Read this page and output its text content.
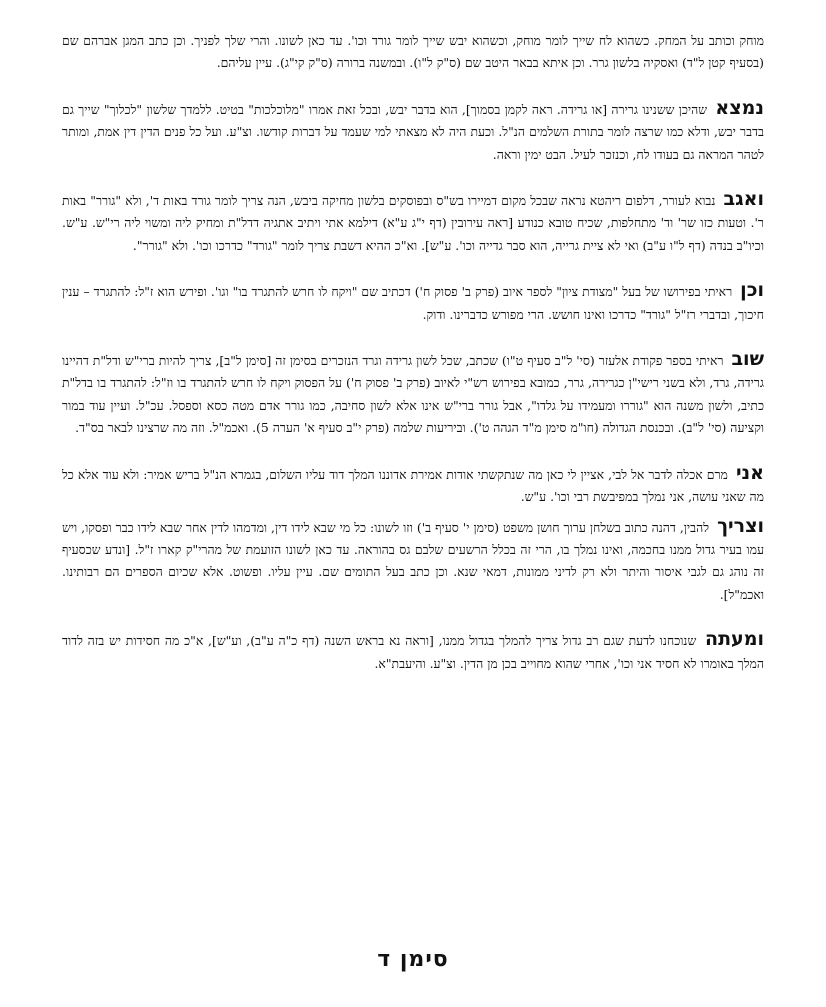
מוחק וכותב על המחק. כשהוא לח שייך לומר מוחק, וכשהוא יבש שייך לומר גורד וכו'. עד כאן לשונו. והרי שלך לפניך. וכן כתב המגן אברהם שם (בסעיף קטן ל"ד) ואסקיה בלשון גרר. וכן איתא בבאר היטב שם (ס"ק ל"ו). ובמשנה ברורה (ס"ק קי"ג). עיין עליהם.

נמצא שהיכן ששנינו גרירה [או גרידה. ראה לקמן בסמוך], הוא בדבר יבש, ובכל זאת אמרו "מלוכלכות" בטיט. ללמדך שלשון "לכלוך" שייך גם בדבר יבש, ודלא כמו שרצה לומר בתורת השלמים הנ"ל. וכעת היה לא מצאתי למי שעמד על דברות קודשו. וצ"ע. ועל כל פנים הדין דין אמת, ומותר לטהר המראה גם בעודו לח, וכנזכר לעיל. הבט ימין וראה.

ואגב נבוא לעורר, דלפום ריהטא נראה שבכל מקום דמיירו בש"ס ובפוסקים בלשון מחיקה ביבש, הנה צריך לומר גורד באות ד', ולא "גורר" באות ר'. וטעות כזו שר' וד' מתחלפות, שכיח טובא כנודע [ראה עירובין (דף י"ג ע"א) דילמא אתי ויתיב אתגיה דדל"ת ומחיק ליה ומשוי ליה רי"ש. ע"ש. וכיו"ב בנדה (דף ל"ו ע"ב) ואי לא ציית גרייה, הוא סבר גדייה וכו'. ע"ש]. וא"כ ההיא דשבת צריך לומר "גורד" כדרכו וכו'. ולא "גורר".

וכן ראיתי בפירושו של בעל "מצודת ציון" לספר איוב (פרק ב' פסוק ח') דכתיב שם "ויקח לו חרש להתגרד בו" וגו'. ופירש הוא ז"ל: להתגרד – ענין חיכוך, ובדברי רז"ל "גורד" כדרכו ואינו חושש. הרי מפורש כדברינו. ודוק.

שוב ראיתי בספר פקודת אלעזר (סי' ל"ב סעיף ט"ו) שכתב, שכל לשון גרידה וגרד הנזכרים בסימן זה [סימן ל"ב], צריך להיות ברי"ש ודל"ת דהיינו גרידה, גרד, ולא בשני רישי"ן כגרירה, גרר, כמובא בפירוש רש"י לאיוב (פרק ב' פסוק ח') על הפסוק ויקח לו חרש להתגרד בו וז"ל: להתגרד בו בדל"ת כתיב, ולשון משנה הוא "גוררו ומעמידו על גלדו", אבל גורר ברי"ש אינו אלא לשון סחיבה, כמו גורר אדם מטה כסא וספסל. עכ"ל. ועיין עוד במור וקציעה (סי' ל"ב). ובכנסת הגדולה (חו"מ סימן מ"ד הגהה ט'). וביריעות שלמה (פרק י"ב סעיף א' הערה 5). ואכמ"ל. וזה מה שרצינו לבאר בס"ד.

אני מרם אכלה לדבר אל לבי, אציין לי כאן מה שנתקשתי אודות אמירת אדוננו המלך דוד עליו השלום, בגמרא הנ"ל בריש אמיר: ולא עוד אלא כל מה שאני עושה, אני נמלך במפיבשת רבי וכו'. ע"ש.

וצריך להבין, דהנה כתוב בשלחן ערוך חושן משפט (סימן י' סעיף ב') וזו לשונו: כל מי שבא לידו דין, ומדמהו לדין אחר שבא לידו כבר ופסקו, ויש עמו בעיר גדול ממנו בחכמה, ואינו נמלך בו, הרי זה בכלל הרשעים שלבם גס בהוראה. עד כאן לשונו הזועמת של מהרי"ק קארו ז"ל. [ונדע שכסעיף זה נוהג גם לגבי איסור והיתר ולא רק לדיני ממונות, דמאי שנא. וכן כתב בעל התומים שם. עיין עליו. ופשוט. אלא שכיום הספרים הם רבותינו. ואכמ"ל].

ומעתה שנוכחנו לדעת שגם רב גדול צריך להמלך בגדול ממנו, [וראה נא בראש השנה (דף כ"ה ע"ב), וע"ש], א"כ מה חסידות יש בזה לדוד המלך באומרו לא חסיד אני וכו', אחרי שהוא מחוייב בכן מן הדין. וצ"ע. והיעבת"א.

סימן ד
